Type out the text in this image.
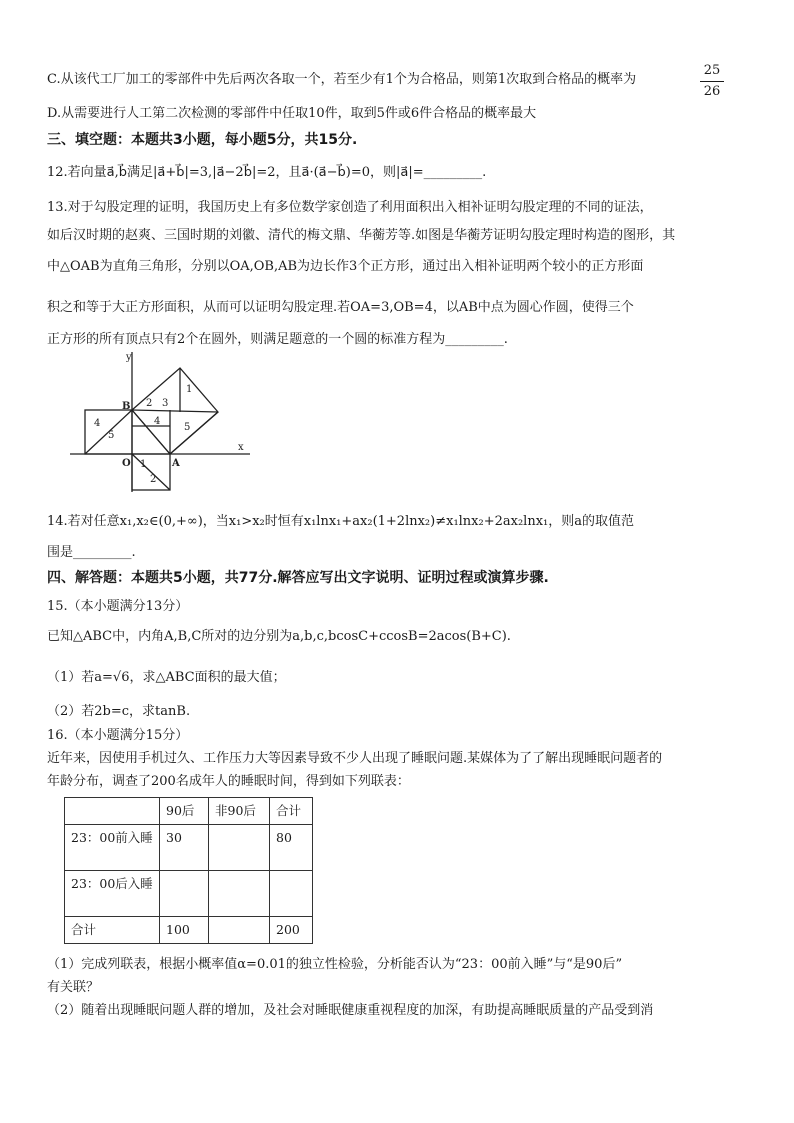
C.从该代工厂加工的零部件中先后两次各取一个，若至少有1个为合格品，则第1次取到合格品的概率为
25
26
D.从需要进行人工第二次检测的零部件中任取10件，取到5件或6件合格品的概率最大
三、填空题：本题共3小题，每小题5分，共15分.
12.若向量a⃗,b⃗满足|a⃗+b⃗|=3,|a⃗−2b⃗|=2，且a⃗·(a⃗−b⃗)=0，则|a⃗|=_________.
13.对于勾股定理的证明，我国历史上有多位数学家创造了利用面积出入相补证明勾股定理的不同的证法，
如后汉时期的赵爽、三国时期的刘徽、清代的梅文鼎、华蘅芳等.如图是华蘅芳证明勾股定理时构造的图形，其
中△OAB为直角三角形，分别以OA,OB,AB为边长作3个正方形，通过出入相补证明两个较小的正方形面
积之和等于大正方形面积，从而可以证明勾股定理.若OA=3,OB=4，以AB中点为圆心作圆，使得三个
正方形的所有顶点只有2个在圆外，则满足题意的一个圆的标准方程为_________.
y
x
B
O	A
4
5
2 3
1
4
5
1
2
14.若对任意x₁,x₂∈(0,+∞)，当x₁>x₂时恒有x₁lnx₁+ax₂(1+2lnx₂)≠x₁lnx₂+2ax₂lnx₁，则a的取值范
围是_________.
四、解答题：本题共5小题，共77分.解答应写出文字说明、证明过程或演算步骤.
15.（本小题满分13分）
已知△ABC中，内角A,B,C所对的边分别为a,b,c,bcosC+ccosB=2acos(B+C).
（1）若a=√6，求△ABC面积的最大值；
（2）若2b=c，求tanB.
16.（本小题满分15分）
近年来，因使用手机过久、工作压力大等因素导致不少人出现了睡眠问题.某媒体为了了解出现睡眠问题者的
年龄分布，调查了200名成年人的睡眠时间，得到如下列联表：
	90后	非90后	合计
23：00前入睡	30		80
23：00后入睡			
合计	100		200
（1）完成列联表，根据小概率值α=0.01的独立性检验，分析能否认为“23：00前入睡”与“是90后”
有关联？
（2）随着出现睡眠问题人群的增加，及社会对睡眠健康重视程度的加深，有助提高睡眠质量的产品受到消
